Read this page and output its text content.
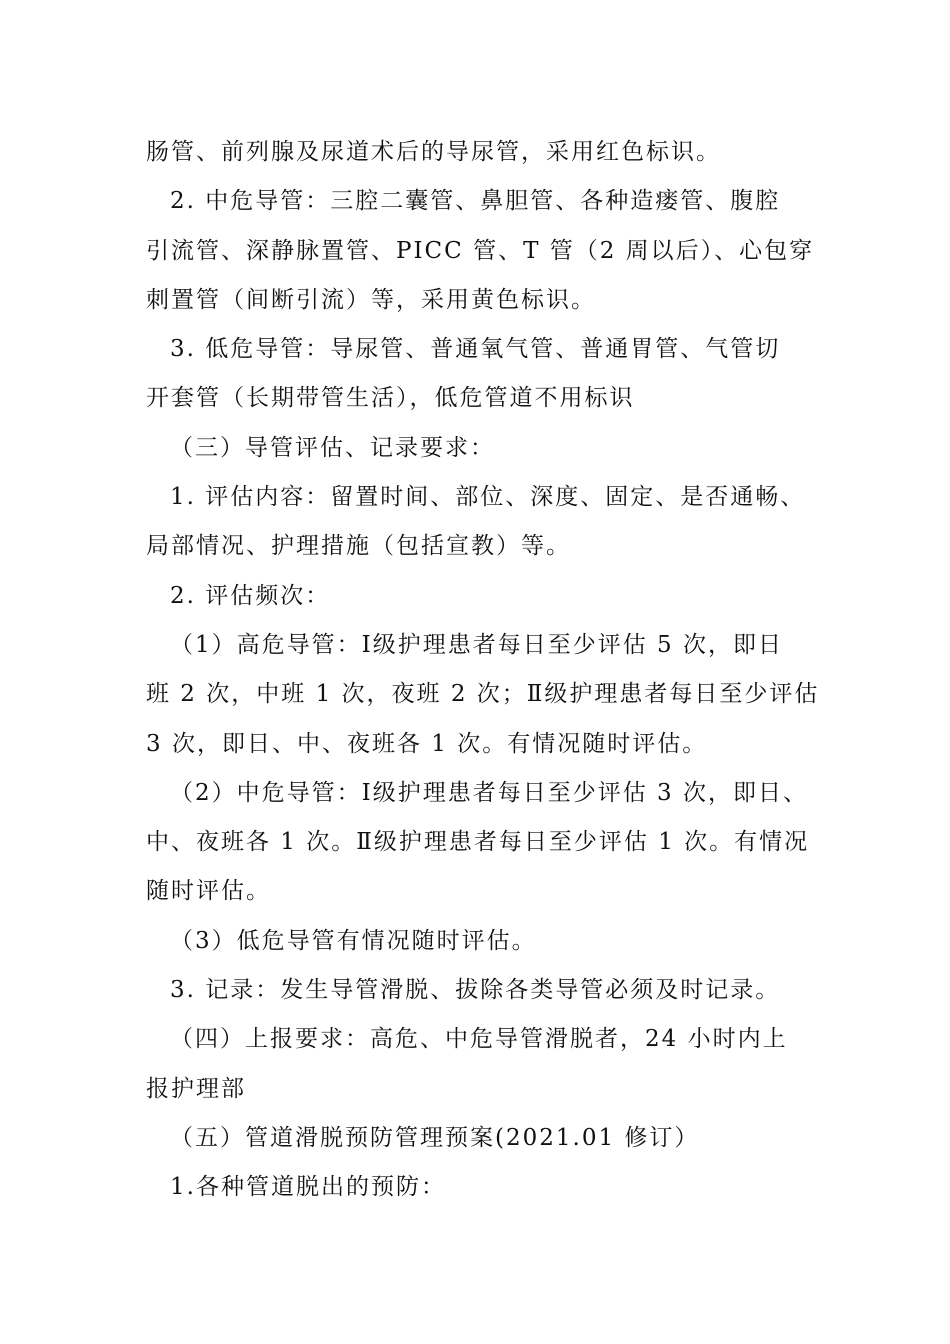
肠管、前列腺及尿道术后的导尿管，采用红色标识。
2. 中危导管：三腔二囊管、鼻胆管、各种造瘘管、腹腔
引流管、深静脉置管、PICC 管、T 管（2 周以后）、心包穿
刺置管（间断引流）等，采用黄色标识。
3. 低危导管：导尿管、普通氧气管、普通胃管、气管切
开套管（长期带管生活），低危管道不用标识
（三）导管评估、记录要求：
1. 评估内容：留置时间、部位、深度、固定、是否通畅、
局部情况、护理措施（包括宣教）等。
2. 评估频次：
（1）高危导管：Ⅰ级护理患者每日至少评估 5 次，即日
班 2 次，中班 1 次，夜班 2 次；Ⅱ级护理患者每日至少评估
3 次，即日、中、夜班各 1 次。有情况随时评估。
（2）中危导管：Ⅰ级护理患者每日至少评估 3 次，即日、
中、夜班各 1 次。Ⅱ级护理患者每日至少评估 1 次。有情况
随时评估。
（3）低危导管有情况随时评估。
3. 记录：发生导管滑脱、拔除各类导管必须及时记录。
（四）上报要求：高危、中危导管滑脱者，24 小时内上
报护理部
（五）管道滑脱预防管理预案(2021.01 修订）
1.各种管道脱出的预防：
